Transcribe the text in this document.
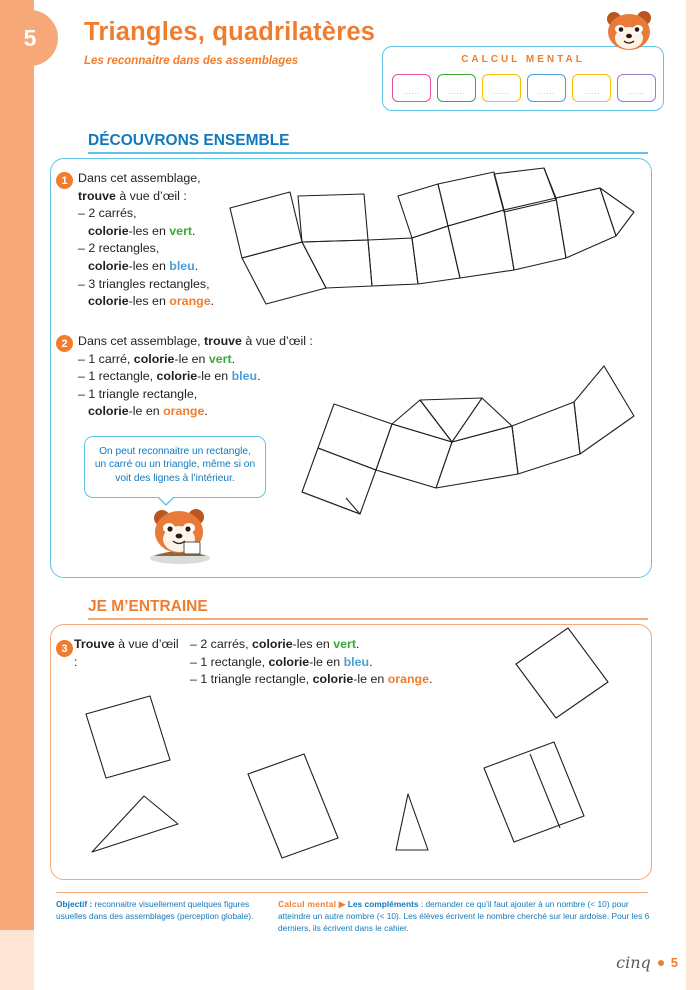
5	Triangles, quadrilatères
Les reconnaitre dans des assemblages	CALCUL MENTAL
......	......	......	......	......	......
DÉCOUVRONS ENSEMBLE
1 Dans cet assemblage,
trouve à vue d’œil :
– 2 carrés,
colorie-les en vert.
– 2 rectangles,
colorie-les en bleu.
– 3 triangles rectangles,
colorie-les en orange.
2 Dans cet assemblage, trouve à vue d’œil :
– 1 carré, colorie-le en vert.
– 1 rectangle, colorie-le en bleu.
– 1 triangle rectangle,
colorie-le en orange.
On peut reconnaitre un rectangle, un carré ou un triangle, même si on voit des lignes à l’intérieur.
JE M’ENTRAINE
3 Trouve à vue d’œil :
– 2 carrés, colorie-les en vert.
– 1 rectangle, colorie-le en bleu.
– 1 triangle rectangle, colorie-le en orange.
Objectif : reconnaitre visuellement quelques figures usuelles dans des assemblages (perception globale).
Calcul mental ▶ Les compléments : demander ce qu’il faut ajouter à un nombre (< 10) pour atteindre un autre nombre (< 10). Les élèves écrivent le nombre cherché sur leur ardoise. Pour les 6 derniers, ils écrivent dans le cahier.
cinq 5
